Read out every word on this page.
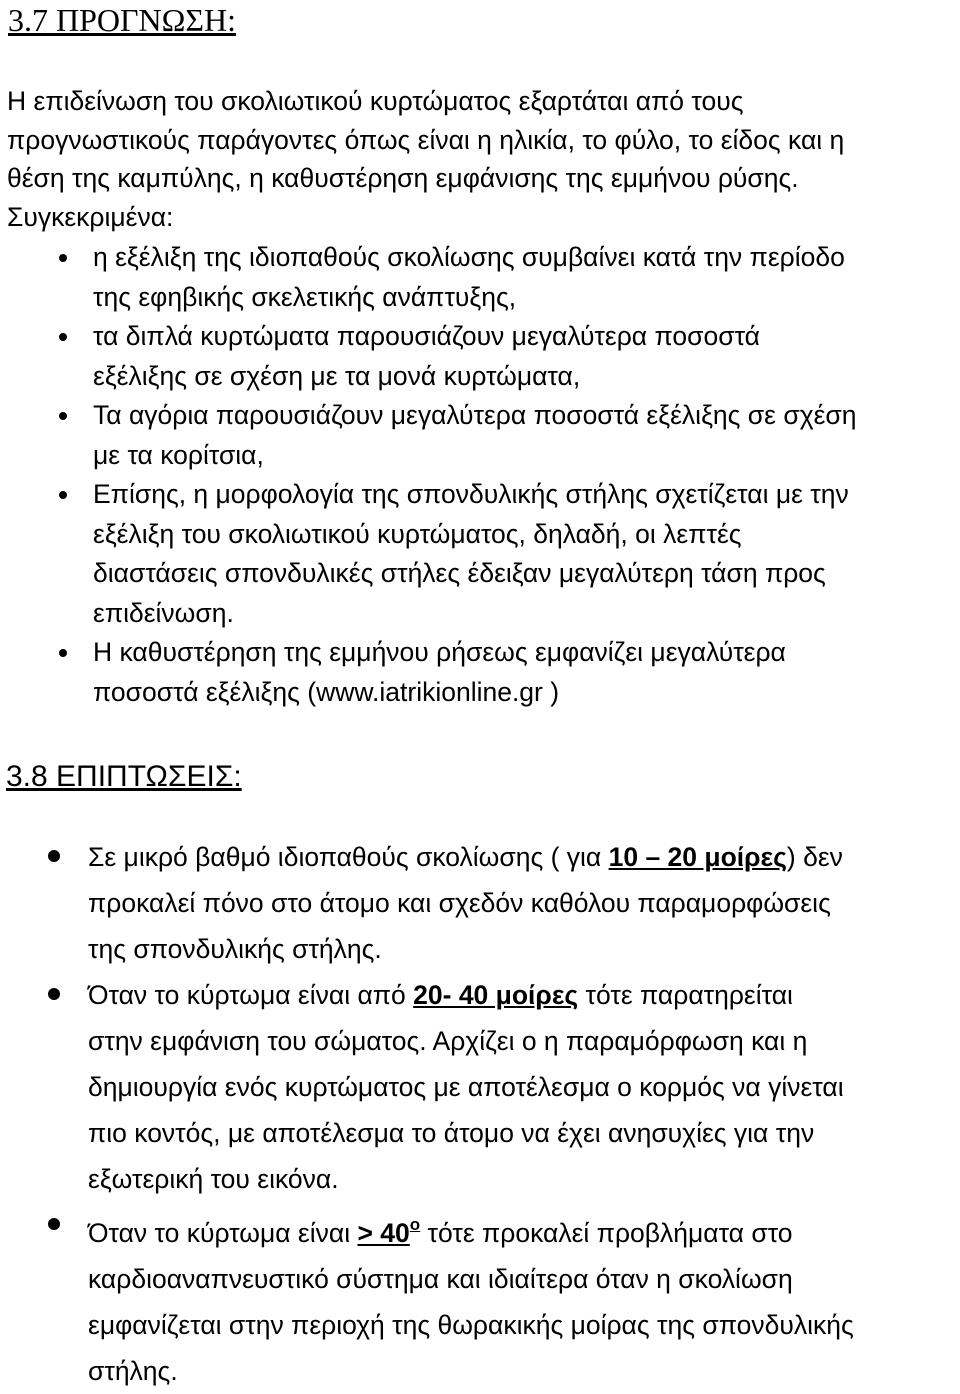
3.7 ΠΡΟΓΝΩΣΗ:

Η επιδείνωση του σκολιωτικού κυρτώματος εξαρτάται από τους

προγνωστικούς παράγοντες όπως είναι η ηλικία, το φύλο, το είδος και η

θέση της καμπύλης, η καθυστέρηση εμφάνισης της εμμήνου ρύσης.

Συγκεκριμένα:

η εξέλιξη της ιδιοπαθούς σκολίωσης συμβαίνει κατά την περίοδο
της εφηβικής σκελετικής ανάπτυξης,
τα διπλά κυρτώματα παρουσιάζουν μεγαλύτερα ποσοστά
εξέλιξης σε σχέση με τα μονά κυρτώματα,
Τα αγόρια παρουσιάζουν μεγαλύτερα ποσοστά εξέλιξης σε σχέση
με τα κορίτσια,
Επίσης, η μορφολογία της σπονδυλικής στήλης σχετίζεται με την
εξέλιξη του σκολιωτικού κυρτώματος, δηλαδή, οι λεπτές
διαστάσεις σπονδυλικές στήλες έδειξαν μεγαλύτερη τάση προς
επιδείνωση.
Η καθυστέρηση της εμμήνου ρήσεως εμφανίζει μεγαλύτερα
ποσοστά εξέλιξης (www.iatrikionline.gr )
3.8 ΕΠΙΠΤΩΣΕΙΣ:
Σε μικρό βαθμό ιδιοπαθούς σκολίωσης ( για 10 – 20 μοίρες) δεν
προκαλεί πόνο στο άτομο και σχεδόν καθόλου παραμορφώσεις
της σπονδυλικής στήλης.
Όταν το κύρτωμα είναι από 20- 40 μοίρες τότε παρατηρείται
στην εμφάνιση του σώματος. Αρχίζει ο η παραμόρφωση και η
δημιουργία ενός κυρτώματος με αποτέλεσμα ο κορμός να γίνεται
πιο κοντός, με αποτέλεσμα το άτομο να έχει ανησυχίες για την
εξωτερική του εικόνα.
Όταν το κύρτωμα $\varepsilon ί\nu\alpha\iota > 40^o$ τότε προκαλεί προβλήματα στο
καρδιοαναπνευστικό σύστημα και ιδιαίτερα όταν η σκολίωση
εμφανίζεται στην περιοχή της θωρακικής μοίρας της σπονδυλικής
στήλης.
